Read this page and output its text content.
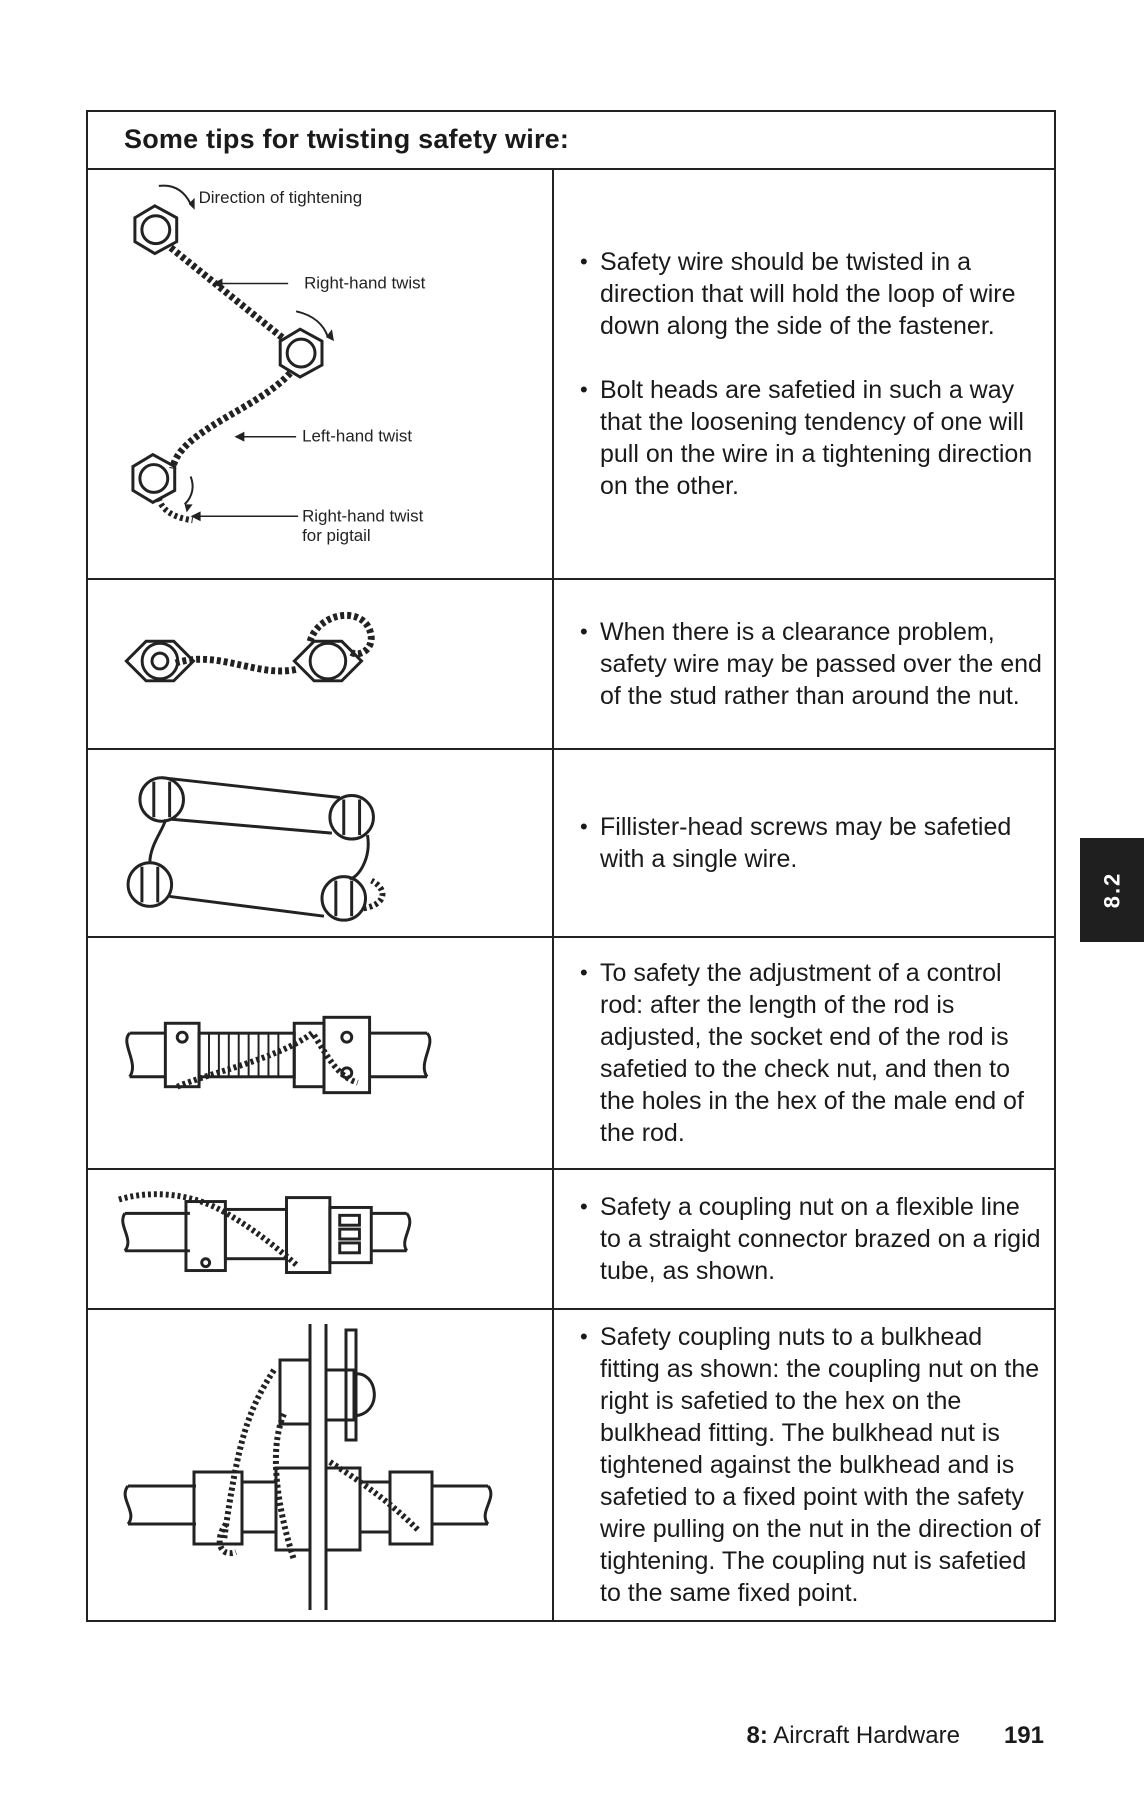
Some tips for twisting safety wire:
Direction of tightening
Right-hand twist
Left-hand twist
Right-hand twist
for pigtail
• Safety wire should be twisted in a direction that will hold the loop of wire down along the side of the fastener.
• Bolt heads are safetied in such a way that the loosening tendency of one will pull on the wire in a tightening direction on the other.
• When there is a clearance problem, safety wire may be passed over the end of the stud rather than around the nut.
• Fillister-head screws may be safetied with a single wire.
• To safety the adjustment of a control rod: after the length of the rod is adjusted, the socket end of the rod is safetied to the check nut, and then to the holes in the hex of the male end of the rod.
• Safety a coupling nut on a flexible line to a straight connector brazed on a rigid tube, as shown.
• Safety coupling nuts to a bulkhead fitting as shown: the coupling nut on the right is safetied to the hex on the bulkhead fitting. The bulkhead nut is tightened against the bulkhead and is safetied to a fixed point with the safety wire pulling on the nut in the direction of tightening. The coupling nut is safetied to the same fixed point.
8.2
8: Aircraft Hardware 191
